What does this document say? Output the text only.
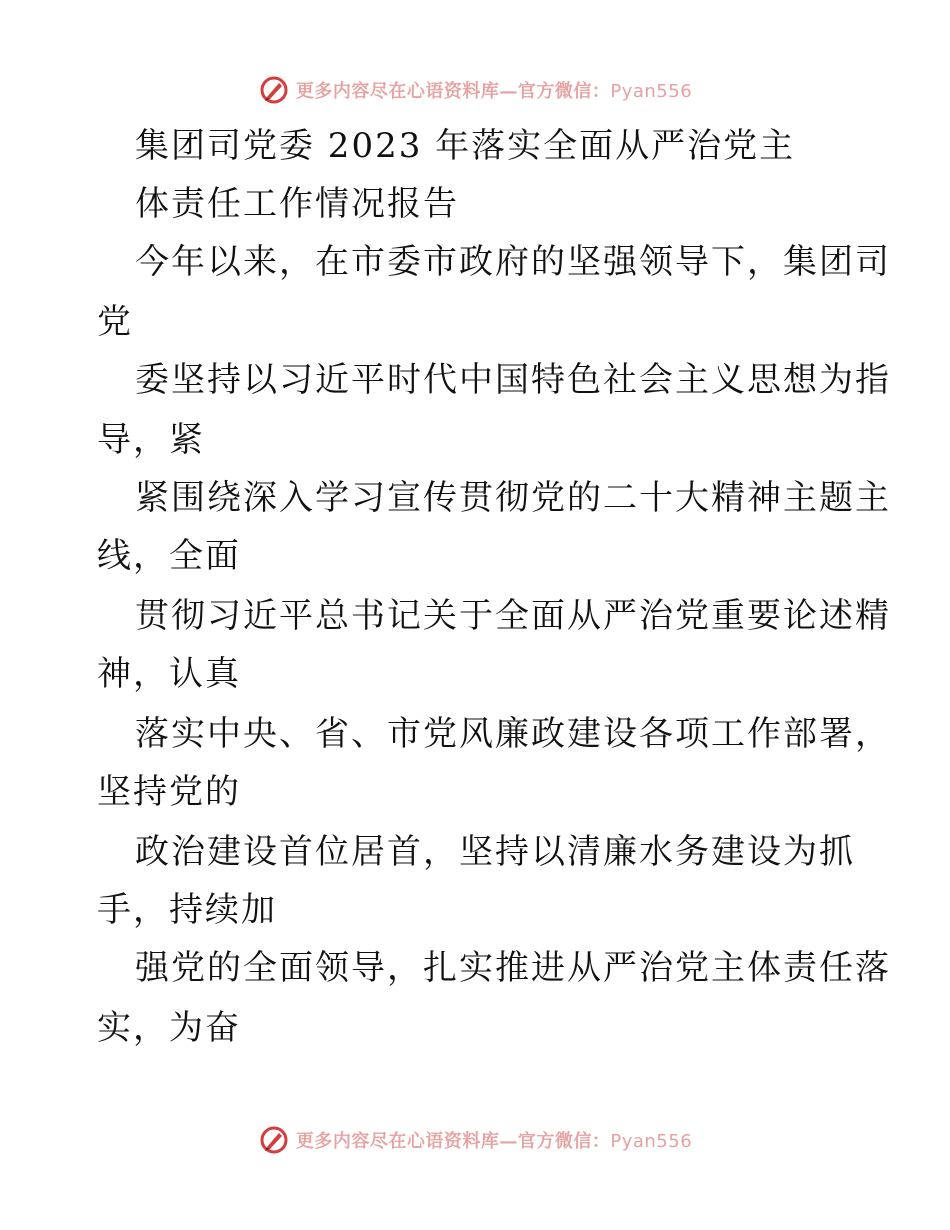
更多内容尽在心语资料库—官方微信：Pyan556
集团司党委 2023 年落实全面从严治党主
体责任工作情况报告
今年以来，在市委市政府的坚强领导下，集团司
党
委坚持以习近平时代中国特色社会主义思想为指
导，紧
紧围绕深入学习宣传贯彻党的二十大精神主题主
线，全面
贯彻习近平总书记关于全面从严治党重要论述精
神，认真
落实中央、省、市党风廉政建设各项工作部署，
坚持党的
政治建设首位居首，坚持以清廉水务建设为抓
手，持续加
强党的全面领导，扎实推进从严治党主体责任落
实，为奋
更多内容尽在心语资料库—官方微信：Pyan556
